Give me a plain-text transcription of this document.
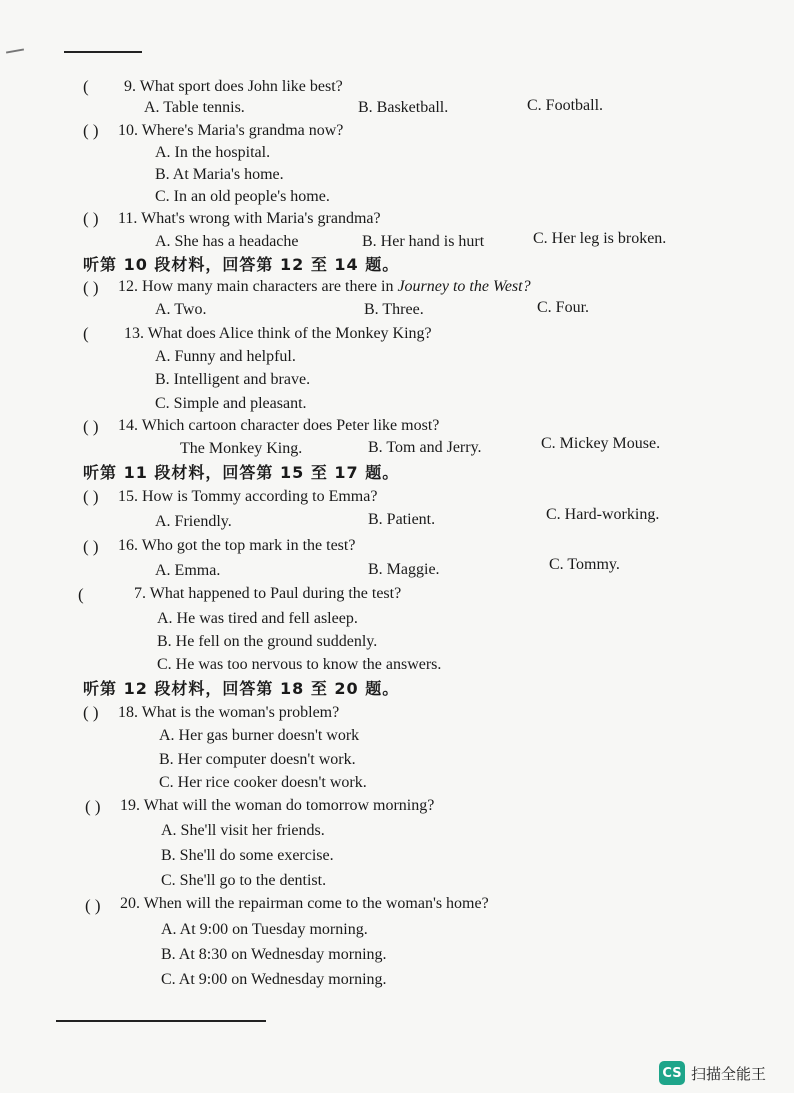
( 9. What sport does John like best?
A. Table tennis.	B. Basketball.	C. Football.
( ) 10. Where's Maria's grandma now?
A. In the hospital.
B. At Maria's home.
C. In an old people's home.
( ) 11. What's wrong with Maria's grandma?
A. She has a headache	B. Her hand is hurt	C. Her leg is broken.
听第 10 段材料，回答第 12 至 14 题。
( ) 12. How many main characters are there in Journey to the West?
A. Two.	B. Three.	C. Four.
( 13. What does Alice think of the Monkey King?
A. Funny and helpful.
B. Intelligent and brave.
C. Simple and pleasant.
( ) 14. Which cartoon character does Peter like most?
The Monkey King.	B. Tom and Jerry.	C. Mickey Mouse.
听第 11 段材料，回答第 15 至 17 题。
( ) 15. How is Tommy according to Emma?
A. Friendly.	B. Patient.	C. Hard-working.
( ) 16. Who got the top mark in the test?
A. Emma.	B. Maggie.	C. Tommy.
(	7. What happened to Paul during the test?
A. He was tired and fell asleep.
B. He fell on the ground suddenly.
C. He was too nervous to know the answers.
听第 12 段材料，回答第 18 至 20 题。
( ) 18. What is the woman's problem?
A. Her gas burner doesn't work
B. Her computer doesn't work.
C. Her rice cooker doesn't work.
( ) 19. What will the woman do tomorrow morning?
A. She'll visit her friends.
B. She'll do some exercise.
C. She'll go to the dentist.
( ) 20. When will the repairman come to the woman's home?
A. At 9:00 on Tuesday morning.
B. At 8:30 on Wednesday morning.
C. At 9:00 on Wednesday morning.
CS 扫描全能王
